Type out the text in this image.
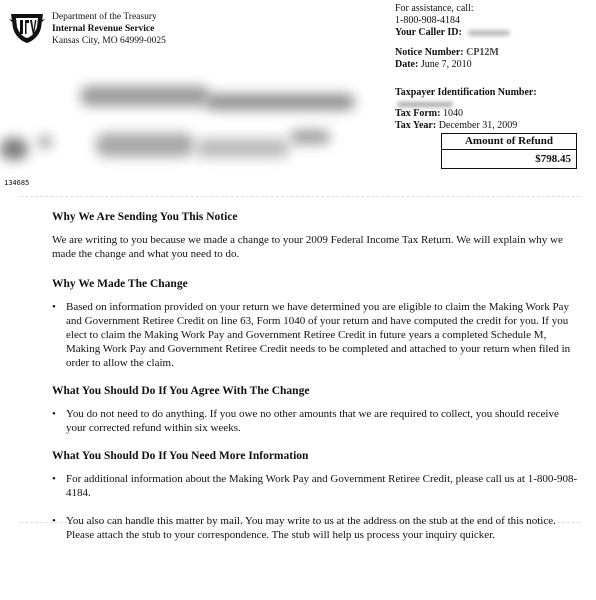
Department of the Treasury
Internal Revenue Service
Kansas City, MO 64999-0025
For assistance, call:
1-800-908-4184
Your Caller ID:
Notice Number: CP12M
Date: June 7, 2010
Taxpayer Identification Number:
Tax Form: 1040
Tax Year: December 31, 2009
Amount of Refund
$798.45
134685
Why We Are Sending You This Notice

We are writing to you because we made a change to your 2009 Federal Income Tax Return. We will explain why we made the change and what you need to do.

Why We Made The Change
• Based on information provided on your return we have determined you are eligible to claim the Making Work Pay and Government Retiree Credit on line 63, Form 1040 of your return and have computed the credit for you. If you elect to claim the Making Work Pay and Government Retiree Credit in future years a completed Schedule M, Making Work Pay and Government Retiree Credit needs to be completed and attached to your return when filed in order to allow the claim.
What You Should Do If You Agree With The Change
• You do not need to do anything. If you owe no other amounts that we are required to collect, you should receive your corrected refund within six weeks.
What You Should Do If You Need More Information
• For additional information about the Making Work Pay and Government Retiree Credit, please call us at 1-800-908-4184.
• You also can handle this matter by mail. You may write to us at the address on the stub at the end of this notice. Please attach the stub to your correspondence. The stub will help us process your inquiry quicker.
